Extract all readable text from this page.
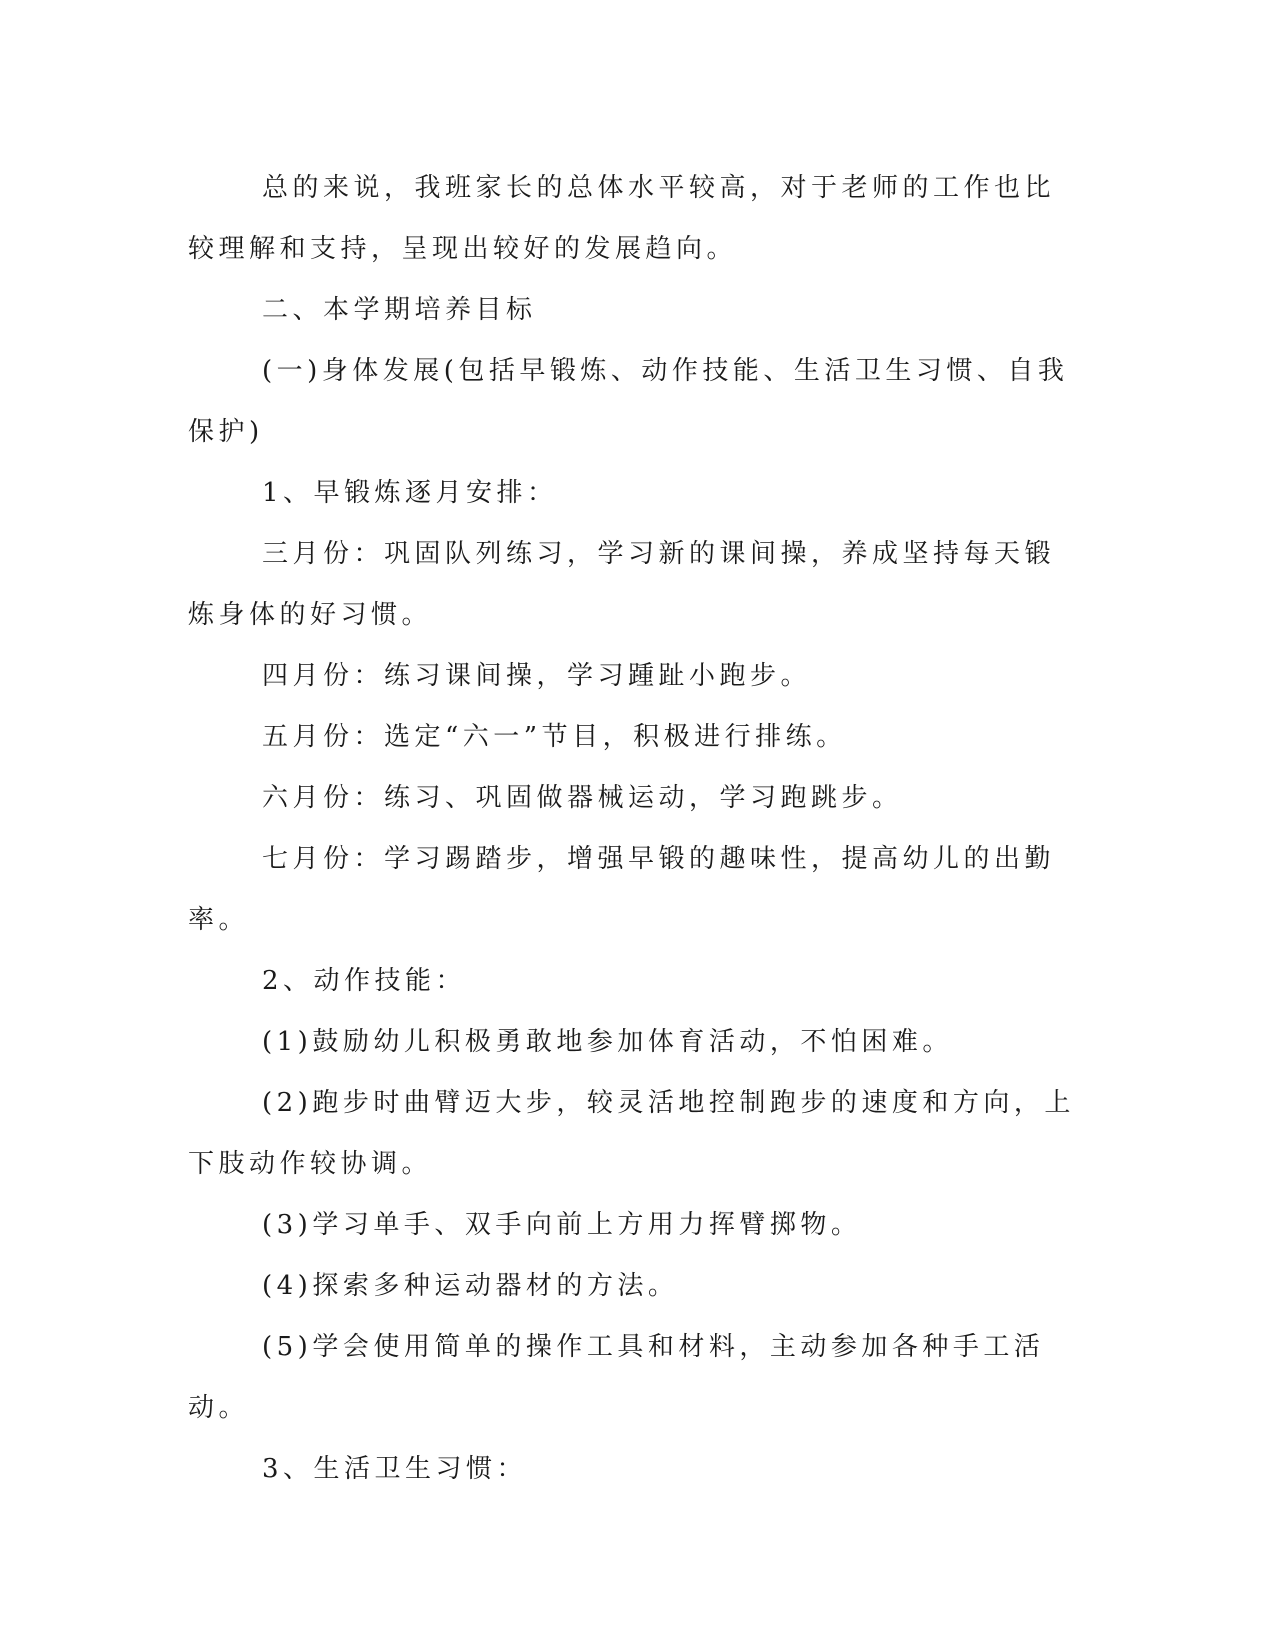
总的来说，我班家长的总体水平较高，对于老师的工作也比较理解和支持，呈现出较好的发展趋向。

二、本学期培养目标

(一)身体发展(包括早锻炼、动作技能、生活卫生习惯、自我保护)

1、早锻炼逐月安排：

三月份：巩固队列练习，学习新的课间操，养成坚持每天锻炼身体的好习惯。

四月份：练习课间操，学习踵趾小跑步。

五月份：选定“六一”节目，积极进行排练。

六月份：练习、巩固做器械运动，学习跑跳步。

七月份：学习踢踏步，增强早锻的趣味性，提高幼儿的出勤率。

2、动作技能：

(1)鼓励幼儿积极勇敢地参加体育活动，不怕困难。

(2)跑步时曲臂迈大步，较灵活地控制跑步的速度和方向，上下肢动作较协调。

(3)学习单手、双手向前上方用力挥臂掷物。

(4)探索多种运动器材的方法。

(5)学会使用简单的操作工具和材料，主动参加各种手工活动。

3、生活卫生习惯：
